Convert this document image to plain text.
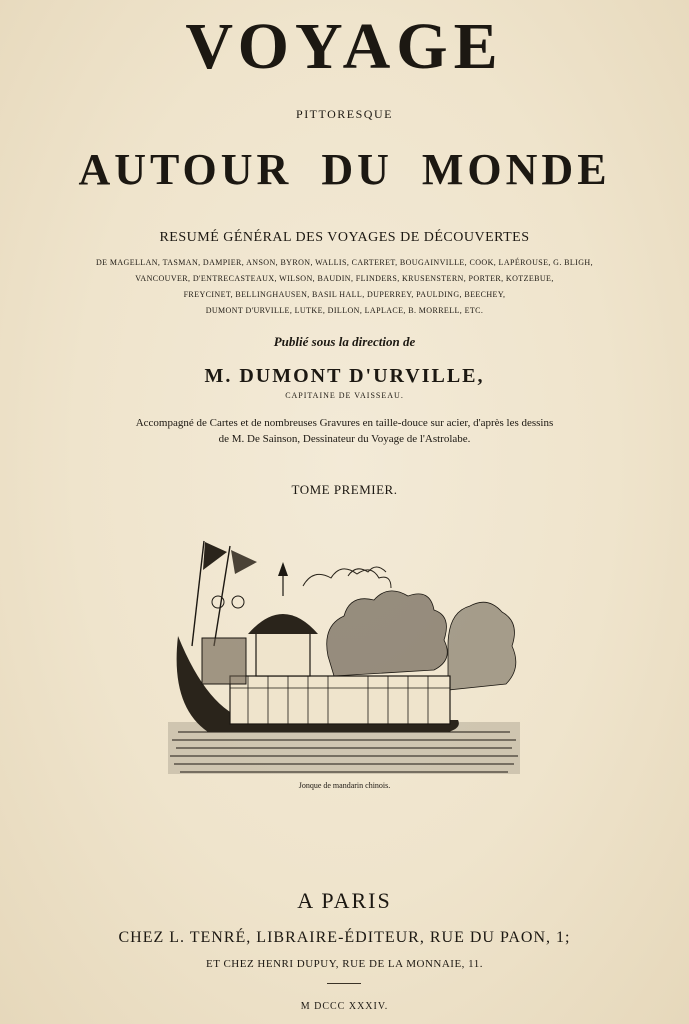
VOYAGE
PITTORESQUE
AUTOUR DU MONDE
RESUMÉ GÉNÉRAL DES VOYAGES DE DÉCOUVERTES
DE MAGELLAN, TASMAN, DAMPIER, ANSON, BYRON, WALLIS, CARTERET, BOUGAINVILLE, COOK, LAPÉROUSE, G. BLIGH,
VANCOUVER, D'ENTRECASTEAUX, WILSON, BAUDIN, FLINDERS, KRUSENSTERN, PORTER, KOTZEBUE,
FREYCINET, BELLINGHAUSEN, BASIL HALL, DUPERREY, PAULDING, BEECHEY,
DUMONT D'URVILLE, LUTKE, DILLON, LAPLACE, B. MORRELL, ETC.
Publié sous la direction de
M. DUMONT D'URVILLE,
CAPITAINE DE VAISSEAU.
Accompagné de Cartes et de nombreuses Gravures en taille-douce sur acier, d'après les dessins
de M. De Sainson, Dessinateur du Voyage de l'Astrolabe.
TOME PREMIER.
Jonque de mandarin chinois.
A PARIS
CHEZ L. TENRÉ, LIBRAIRE-ÉDITEUR, RUE DU PAON, 1;
ET CHEZ HENRI DUPUY, RUE DE LA MONNAIE, 11.
M DCCC XXXIV.
